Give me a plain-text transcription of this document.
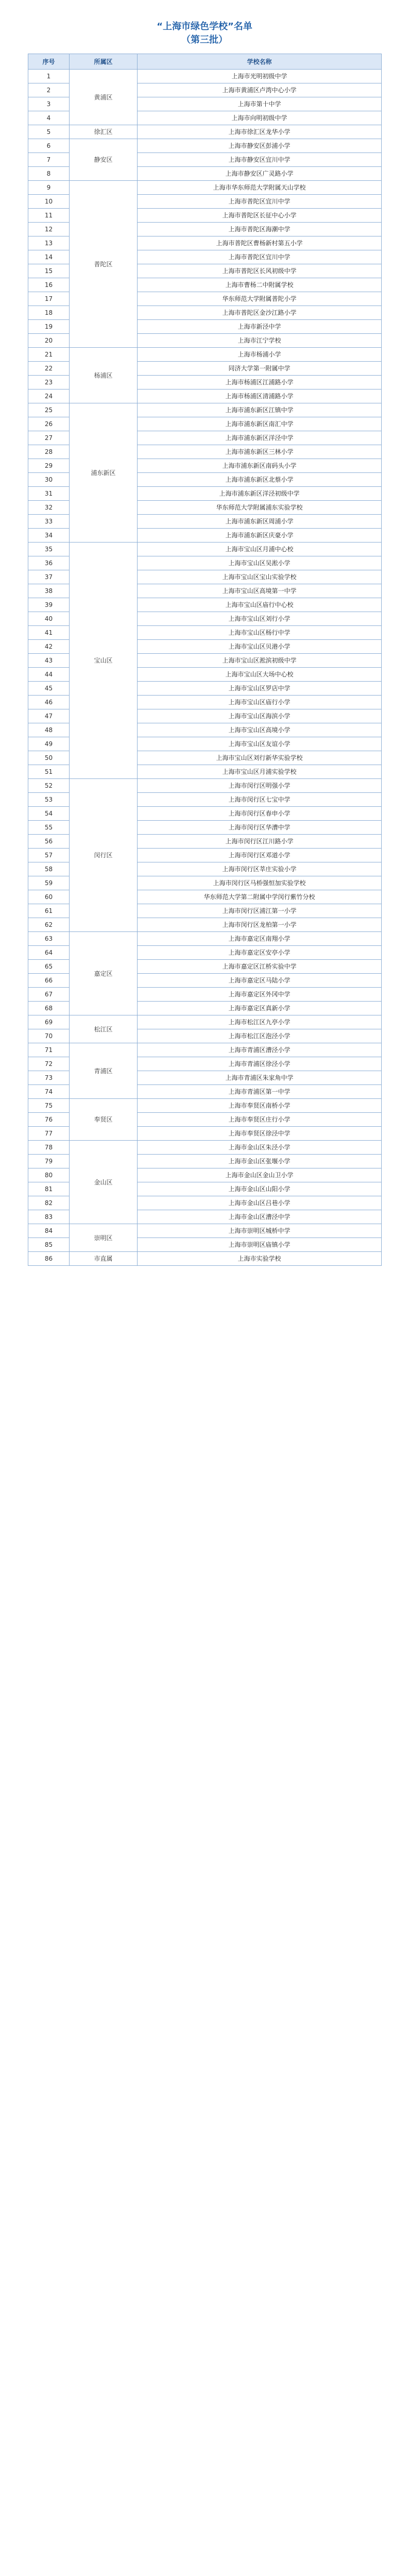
“上海市绿色学校”名单
（第三批）
序号	所属区	学校名称
1	黄浦区	上海市光明初级中学
2		上海市黄浦区卢湾中心小学
3		上海市第十中学
4		上海市向明初级中学
5	徐汇区	上海市徐汇区龙华小学
6	静安区	上海市静安区彭浦小学
7		上海市静安区宜川中学
8		上海市静安区广灵路小学
9	普陀区	上海市华东师范大学附属天山学校
10		上海市普陀区宜川中学
11		上海市普陀区长征中心小学
12		上海市普陀区海潮中学
13		上海市普陀区曹杨新村第五小学
14		上海市普陀区宜川中学
15		上海市普陀区长风初级中学
16		上海市曹杨二中附属学校
17		华东师范大学附属普陀小学
18		上海市普陀区金沙江路小学
19		上海市新泾中学
20		上海市江宁学校
21	杨浦区	上海市杨浦小学
22		同济大学第一附属中学
23		上海市杨浦区江浦路小学
24		上海市杨浦区清浦路小学
25	浦东新区	上海市浦东新区江镇中学
26		上海市浦东新区南汇中学
27		上海市浦东新区洋泾中学
28		上海市浦东新区三林小学
29		上海市浦东新区南码头小学
30		上海市浦东新区北蔡小学
31		上海市浦东新区洋泾初级中学
32		华东师范大学附属浦东实验学校
33		上海市浦东新区周浦小学
34		上海市浦东新区庆豪小学
35	宝山区	上海市宝山区月浦中心校
36		上海市宝山区吴淞小学
37		上海市宝山区宝山实验学校
38		上海市宝山区高境第一中学
39		上海市宝山区庙行中心校
40		上海市宝山区刘行小学
41		上海市宝山区杨行中学
42		上海市宝山区贝港小学
43		上海市宝山区淞滨初级中学
44		上海市宝山区大场中心校
45		上海市宝山区罗店中学
46		上海市宝山区庙行小学
47		上海市宝山区海滨小学
48		上海市宝山区高境小学
49		上海市宝山区友谊小学
50		上海市宝山区刘行新华实验学校
51		上海市宝山区月浦实验学校
52	闵行区	上海市闵行区明强小学
53		上海市闵行区七宝中学
54		上海市闵行区春申小学
55		上海市闵行区华漕中学
56		上海市闵行区江川路小学
57		上海市闵行区邓道小学
58		上海市闵行区莘庄实验小学
59		上海市闵行区马桥强恒加实验学校
60		华东师范大学第二附属中学闵行紫竹分校
61		上海市闵行区浦江第一小学
62		上海市闵行区龙柏第一小学
63	嘉定区	上海市嘉定区南翔小学
64		上海市嘉定区安亭小学
65		上海市嘉定区江桥实验中学
66		上海市嘉定区马陆小学
67		上海市嘉定区外冈中学
68		上海市嘉定区真新小学
69	松江区	上海市松江区九亭小学
70		上海市松江区泡泾小学
71	青浦区	上海市青浦区漕泾小学
72		上海市青浦区徐泾小学
73		上海市青浦区朱家角中学
74		上海市青浦区第一中学
75	奉贤区	上海市奉贤区南桥小学
76		上海市奉贤区庄行小学
77		上海市奉贤区徐泾中学
78	金山区	上海市金山区朱泾小学
79		上海市金山区张堰小学
80		上海市金山区金山卫小学
81		上海市金山区山阳小学
82		上海市金山区吕巷小学
83		上海市金山区漕泾中学
84	崇明区	上海市崇明区城桥中学
85		上海市崇明区庙镇小学
86	市直属	上海市实验学校
